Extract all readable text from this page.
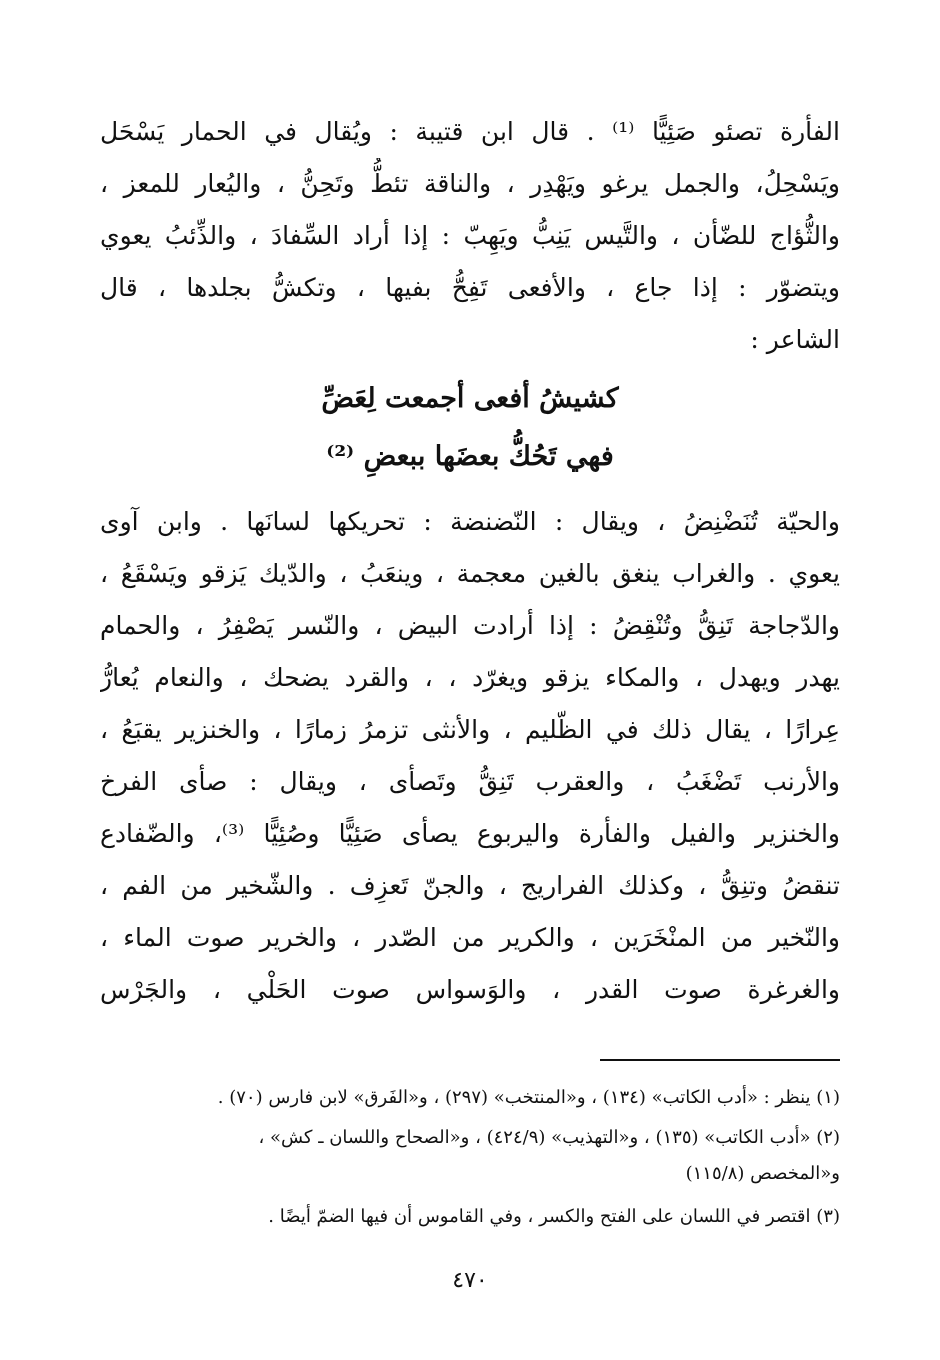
الفأرة تصئو صَئِيًّا ⁽¹⁾ . قال ابن قتيبة : ويُقال في الحمار يَسْحَل
ويَسْحِلُ، والجمل يرغو ويَهْدِر ، والناقة تئطُّ وتَحِنُّ ، واليُعار للمعز ،
والثُّؤاج للضّأن ، والتَّيس يَنِبُّ ويَهِبّ : إذا أراد السِّفادَ ، والذِّئبُ يعوي
ويتضوّر : إذا جاع ، والأفعى تَفِحُّ بفيها ، وتكشُّ بجلدها ، قال
الشاعر :
كشيشُ أفعى أجمعت لِعَضِّ
فهي تَحُكُّ بعضَها ببعضِ ⁽²⁾
والحيّة تُنَضْنِضُ ، ويقال : النّضنضة : تحريكها لسانَها . وابن آوى
يعوي . والغراب ينغق بالغين معجمة ، وينعَبُ ، والدّيك يَزقو ويَسْقَعُ ،
والدّجاجة تَنِقُّ وتُنْقِضُ : إذا أرادت البيض ، والنّسر يَصْفِرُ ، والحمام
يهدر ويهدل ، والمكاء يزقو ويغرّد ، ، والقرد يضحك ، والنعام يُعارُّ
عِرارًا ، يقال ذلك في الظّليم ، والأنثى تزمرُ زمارًا ، والخنزير يقبَعُ ،
والأرنب تَضْغَبُ ، والعقرب تَنِقُّ وتَصأى ، ويقال : صأى الفرخ
والخنزير والفيل والفأرة واليربوع يصأى صَئِيًّا وصُئِيًّا ⁽³⁾، والضّفادع
تنقضُ وتنِقُّ ، وكذلك الفراريج ، والجنّ تَعزِف . والشّخير من الفم ،
والنّخير من المنْخَرَين ، والكرير من الصّدر ، والخرير صوت الماء ،
والغرغرة صوت القدر ، والوَسواس صوت الحَلْي ، والجَرْس
(١) ينظر : «أدب الكاتب» (١٣٤) ، و«المنتخب» (٢٩٧) ، و«الفَرق» لابن فارس (٧٠) .
(٢) «أدب الكاتب» (١٣٥) ، و«التهذيب» (٤٢٤/٩) ، و«الصحاح واللسان ـ كش» ،
و«المخصص (١١٥/٨)
(٣) اقتصر في اللسان على الفتح والكسر ، وفي القاموس أن فيها الضمّ أيضًا .
٤٧٠
